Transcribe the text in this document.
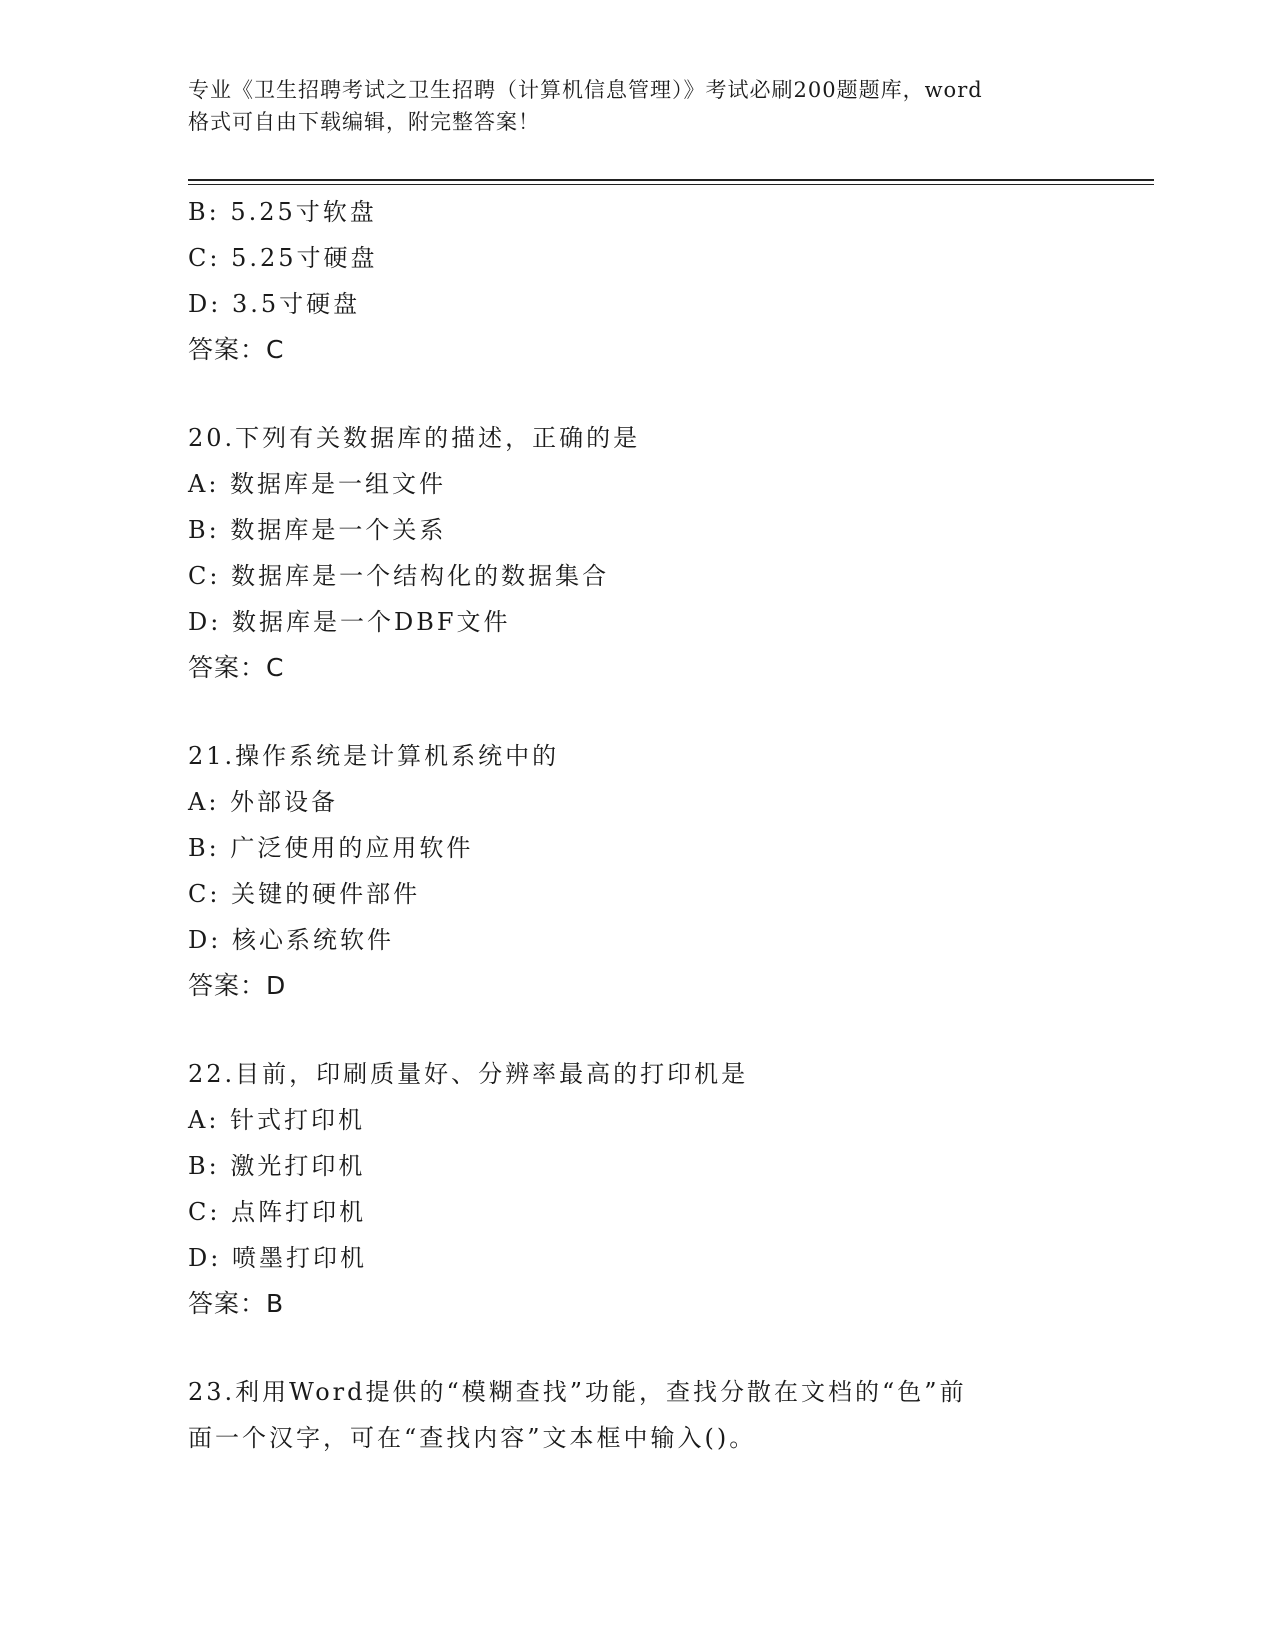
专业《卫生招聘考试之卫生招聘（计算机信息管理）》考试必刷200题题库，word
格式可自由下载编辑，附完整答案！
B: 5.25寸软盘
C: 5.25寸硬盘
D: 3.5寸硬盘
答案：C
20.下列有关数据库的描述，正确的是
A: 数据库是一组文件
B: 数据库是一个关系
C: 数据库是一个结构化的数据集合
D: 数据库是一个DBF文件
答案：C
21.操作系统是计算机系统中的
A: 外部设备
B: 广泛使用的应用软件
C: 关键的硬件部件
D: 核心系统软件
答案：D
22.目前，印刷质量好、分辨率最高的打印机是
A: 针式打印机
B: 激光打印机
C: 点阵打印机
D: 喷墨打印机
答案：B
23.利用Word提供的“模糊查找”功能，查找分散在文档的“色”前
面一个汉字，可在“查找内容”文本框中输入()。
